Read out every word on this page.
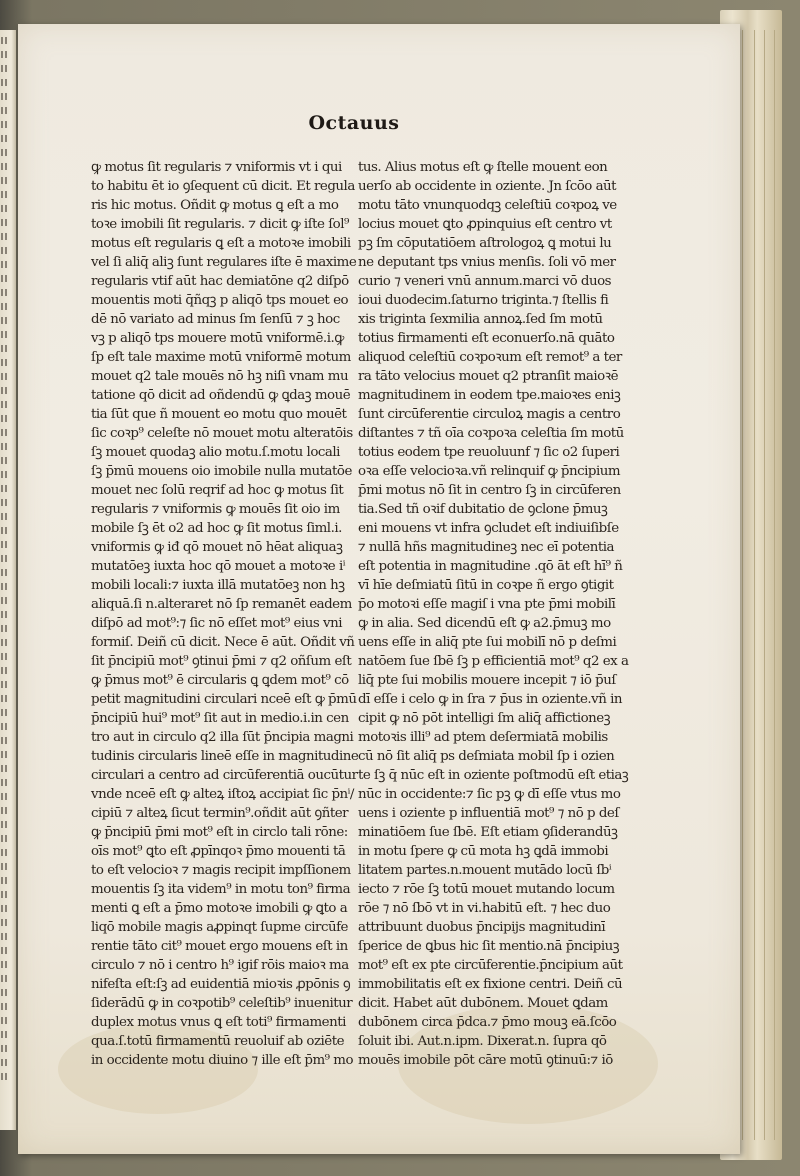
Octauus
ꝙ motus ſit regularis ⁊ vniformis vt i qui
to habitu ēt io ꝯſequent cū dicit. Et regula
ris hic motus. Oñdit ꝙ motus ꝗ eſt a mo
toꝛe imobili ſit regularis. ⁊ dicit ꝙ iſte ſol⁹
motus eſt regularis ꝗ eſt a motoꝛe imobili
vel ſi aliq̄ aliꝫ ſunt regulares iſte ē maxime
regularis vtif aūt hac demiatōne q2 diſpō
mouentis moti q̄ñqꝫ p aliqō tps mouet eo
dē nō variato ad minus ſm ſenſū ⁊ ꝫ hoc
vꝫ p aliqō tps mouere motū vniformē.i.ꝙ
ſp eſt tale maxime motū vniformē motum
mouet q2 tale mouēs nō hꝫ niſi vnam mu
tatione qō dicit ad oñdendū ꝙ ꝗdaꝫ mouē
tia ſūt que ñ mouent eo motu quo mouēt
ſic coꝛp⁹ celeſte nō mouet motu alteratōis
ſꝫ mouet quodaꝫ alio motu.ſ.motu locali
ſꝫ p̄mū mouens oio imobile nulla mutatōe
mouet nec ſolū reqrif ad hoc ꝙ motus ſit
regularis ⁊ vniformis ꝙ mouēs ſit oio im
mobile ſꝫ ēt o2 ad hoc ꝙ ſit motus ſiml.i.
vniformis ꝙ iđ qō mouet nō hēat aliquaꝫ
mutatōeꝫ iuxta hoc qō mouet a motoꝛe iⁱ
mobili locali:⁊ iuxta illā mutatōeꝫ non hꝫ
aliquā.ſi n.alteraret nō ſp remanēt eadem
diſpō ad mot⁹:⁊ ſic nō eſſet mot⁹ eius vni
formiſ. Deiñ cū dicit. Nece ē aūt. Oñdit vñ
ſit p̄ncipiū mot⁹ ꝯtinui p̄mi ⁊ q2 oñſum eſt
ꝙ p̄mus mot⁹ ē circularis ꝗ ꝗdem mot⁹ cō
petit magnitudini circulari nceē eſt ꝙ p̄mū
p̄ncipiū hui⁹ mot⁹ ſit aut in medio.i.in cen
tro aut in circulo q2 illa ſūt p̄ncipia magni
tudinis circularis lineē eſſe in magnitudine
circulari a centro ad circūferentiā oucūtur
vnde nceē eſt ꝙ alteꝝ iſtoꝝ accipiat ſic p̄nⁱ/
cipiū ⁊ alteꝝ ſicut termin⁹.oñdit aūt ꝯñter
ꝙ p̄ncipiū p̄mi mot⁹ eſt in circlo tali rōne:
oīs mot⁹ ꝗto eſt ꝓpīnqoꝛ p̄mo mouenti tā
to eſt velocioꝛ ⁊ magis recipit impſſionem
mouentis ſꝫ ita videm⁹ in motu ton⁹ firma
menti ꝗ eſt a p̄mo motoꝛe imobili ꝙ ꝗto a
liqō mobile magis aꝓpinqt ſupme circūfe
rentie tāto cit⁹ mouet ergo mouens eſt in
circulo ⁊ nō i centro h⁹ igif rōis maioꝛ ma
nifeſta eſt:ſꝫ ad euidentiā mioꝛis ꝓpōnis ꝯ
ſiderādū ꝙ in coꝛpotib⁹ celeſtib⁹ inuenitur
duplex motus vnus ꝗ eſt toti⁹ firmamenti
qua.ſ.totū firmamentū reuoluif ab oziēte
in occidente motu diuino ⁊ ille eſt p̄m⁹ mo
tus. Alius motus eſt ꝙ ſtelle mouent eon
uerſo ab occidente in oziente. Jn ſcōo aūt
motu tāto vnunquodqꝫ celeſtiū coꝛpoꝝ ve
locius mouet ꝗto ꝓpinquius eſt centro vt
pꝫ ſm cōputatiōem aſtrologoꝝ ꝗ motui lu
ne deputant tps vnius menſis. ſoli vō mer
curio ⁊ veneri vnū annum.marci vō duos
ioui duodecim.ſaturno triginta.⁊ ſtellis fi
xis triginta ſexmilia annoꝝ.ſed ſm motū
totius firmamenti eſt econuerſo.nā quāto
aliquod celeſtiū coꝛpoꝛum eſt remot⁹ a ter
ra tāto velocius mouet q2 ptranſit maioꝛē
magnitudinem in eodem tpe.maioꝛes eniꝫ
ſunt circūferentie circuloꝝ magis a centro
diſtantes ⁊ tñ oīa coꝛpoꝛa celeſtia ſm motū
totius eodem tpe reuoluunf ⁊ ſic o2 ſuperi
oꝛa eſſe velocioꝛa.vñ relinquif ꝙ p̄ncipium
p̄mi motus nō ſit in centro ſꝫ in circūferen
tia.Sed tñ oꝛif dubitatio de ꝯclone p̄muꝫ
eni mouens vt infra ꝯcludet eſt indiuiſibſe
⁊ nullā hñs magnitudineꝫ nec eī potentia
eſt potentia in magnitudine .qō āt eſt hī⁹ ñ
vī hīe deſmiatū ſitū in coꝛpe ñ ergo ꝯtigit
p̄o motoꝛi eſſe magiſ i vna pte p̄mi mobilī
ꝙ in alia. Sed dicendū eſt ꝙ a2.p̄muꝫ mo
uens eſſe in aliq̄ pte ſui mobilī nō p deſmi
natōem ſue ſbē ſꝫ p efficientiā mot⁹ q2 ex a
liq̄ pte ſui mobilis mouere incepit ⁊ iō p̄uſ
dī eſſe i celo ꝙ in ſra ⁊ p̄us in oziente.vñ in
cipit ꝙ nō pōt intelligi ſm aliq̄ affictioneꝫ
motoꝛis illi⁹ ad ptem deſermiatā mobilis
cū nō ſit aliq̄ ps deſmiata mobil ſp i ozien
te ſꝫ q̄ nūc eſt in oziente poſtmodū eſt etiaꝫ
nūc in occidente:⁊ ſic pꝫ ꝙ dī eſſe vtus mo
uens i oziente p influentiā mot⁹ ⁊ nō p deſ
minatiōem ſue ſbē. Eſt etiam ꝯſiderandūꝫ
in motu ſpere ꝙ cū mota hꝫ ꝗdā immobi
litatem partes.n.mouent mutādo locū ſbⁱ
iecto ⁊ rōe ſꝫ totū mouet mutando locum
rōe ⁊ nō ſbō vt in vi.habitū eſt. ⁊ hec duo
attribuunt duobus p̄ncipijs magnitudinī
ſperice de ꝗbus hic ſit mentio.nā p̄ncipiuꝫ
mot⁹ eſt ex pte circūferentie.p̄ncipium aūt
immobilitatis eſt ex fixione centri. Deiñ cū
dicit. Habet aūt dubōnem. Mouet ꝗdam
dubōnem circa p̄dca.⁊ p̄mo mouꝫ eā.ſcōo
ſoluit ibi. Aut.n.ipm. Dixerat.n. ſupra qō
mouēs imobile pōt cāre motū ꝯtinuū:⁊ iō
